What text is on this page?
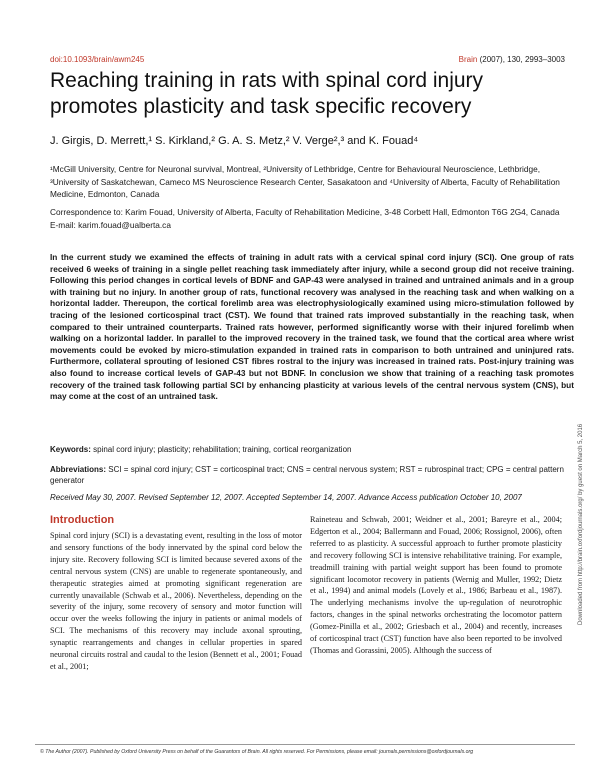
doi:10.1093/brain/awm245	Brain (2007), 130, 2993–3003
Reaching training in rats with spinal cord injury promotes plasticity and task specific recovery
J. Girgis, D. Merrett,¹ S. Kirkland,² G. A. S. Metz,² V. Verge²,³ and K. Fouad⁴
¹McGill University, Centre for Neuronal survival, Montreal, ²University of Lethbridge, Centre for Behavioural Neuroscience, Lethbridge, ³University of Saskatchewan, Cameco MS Neuroscience Research Center, Sasakatoon and ⁴University of Alberta, Faculty of Rehabilitation Medicine, Edmonton, Canada

Correspondence to: Karim Fouad, University of Alberta, Faculty of Rehabilitation Medicine, 3-48 Corbett Hall, Edmonton T6G 2G4, Canada

E-mail: karim.fouad@ualberta.ca

In the current study we examined the effects of training in adult rats with a cervical spinal cord injury (SCI). One group of rats received 6 weeks of training in a single pellet reaching task immediately after injury, while a second group did not receive training. Following this period changes in cortical levels of BDNF and GAP-43 were analysed in trained and untrained animals and in a group with training but no injury. In another group of rats, functional recovery was analysed in the reaching task and when walking on a horizontal ladder. Thereupon, the cortical forelimb area was electrophysiologically examined using micro-stimulation followed by tracing of the lesioned corticospinal tract (CST). We found that trained rats improved substantially in the reaching task, when compared to their untrained counterparts. Trained rats however, performed significantly worse with their injured forelimb when walking on a horizontal ladder. In parallel to the improved recovery in the trained task, we found that the cortical area where wrist movements could be evoked by micro-stimulation expanded in trained rats in comparison to both untrained and uninjured rats. Furthermore, collateral sprouting of lesioned CST fibres rostral to the injury was increased in trained rats. Post-injury training was also found to increase cortical levels of GAP-43 but not BDNF. In conclusion we show that training of a reaching task promotes recovery of the trained task following partial SCI by enhancing plasticity at various levels of the central nervous system (CNS), but may come at the cost of an untrained task.
Keywords: spinal cord injury; plasticity; rehabilitation; training, cortical reorganization
Abbreviations: SCI = spinal cord injury; CST = corticospinal tract; CNS = central nervous system; RST = rubrospinal tract; CPG = central pattern generator
Received May 30, 2007. Revised September 12, 2007. Accepted September 14, 2007. Advance Access publication October 10, 2007
Introduction
Spinal cord injury (SCI) is a devastating event, resulting in the loss of motor and sensory functions of the body innervated by the spinal cord below the injury site. Recovery following SCI is limited because severed axons of the central nervous system (CNS) are unable to regenerate spontaneously, and therapeutic strategies aimed at promoting significant regeneration are currently unavailable (Schwab et al., 2006). Nevertheless, depending on the severity of the injury, some recovery of sensory and motor function will occur over the weeks following the injury in patients or animal models of SCI. The mechanisms of this recovery may include axonal sprouting, synaptic rearrangements and changes in cellular properties in spared neuronal circuits rostral and caudal to the lesion (Bennett et al., 2001; Fouad et al., 2001;
Raineteau and Schwab, 2001; Weidner et al., 2001; Bareyre et al., 2004; Edgerton et al., 2004; Ballermann and Fouad, 2006; Rossignol, 2006), often referred to as plasticity. A successful approach to further promote plasticity and recovery following SCI is intensive rehabilitative training. For example, treadmill training with partial weight support has been found to promote significant locomotor recovery in patients (Wernig and Muller, 1992; Dietz et al., 1994) and animal models (Lovely et al., 1986; Barbeau et al., 1987). The underlying mechanisms involve the up-regulation of neurotrophic factors, changes in the spinal networks orchestrating the locomotor pattern (Gomez-Pinilla et al., 2002; Griesbach et al., 2004) and recently, increases of corticospinal tract (CST) function have also been reported to be involved (Thomas and Gorassini, 2005). Although the success of
© The Author (2007). Published by Oxford University Press on behalf of the Guarantors of Brain. All rights reserved. For Permissions, please email: journals.permissions@oxfordjournals.org
Downloaded from http://brain.oxfordjournals.org/ by guest on March 5, 2016
